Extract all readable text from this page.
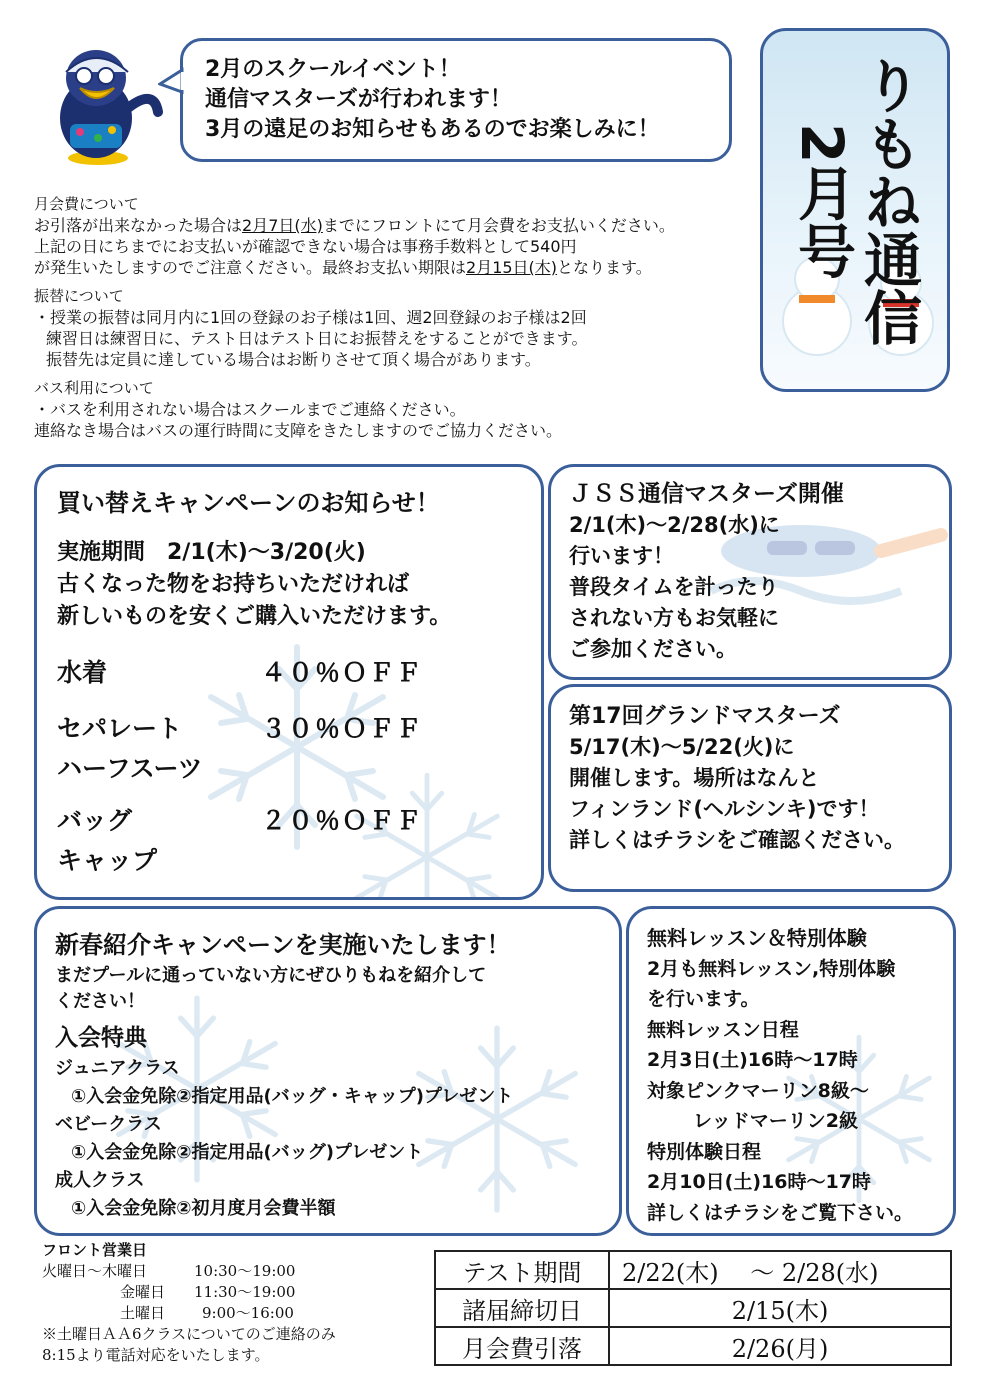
2月のスクールイベント！
通信マスターズが行われます！
3月の遠足のお知らせもあるのでお楽しみに！	りもね通信
2月号
月会費について
お引落が出来なかった場合は2月7日(水)までにフロントにて月会費をお支払いください。
上記の日にちまでにお支払いが確認できない場合は事務手数料として540円
が発生いたしますのでご注意ください。最終お支払い期限は2月15日(木)となります。
振替について
・授業の振替は同月内に1回の登録のお子様は1回、週2回登録のお子様は2回
練習日は練習日に、テスト日はテスト日にお振替えをすることができます。
振替先は定員に達している場合はお断りさせて頂く場合があります。
バス利用について
・バスを利用されない場合はスクールまでご連絡ください。
連絡なき場合はバスの運行時間に支障をきたしますのでご協力ください。
買い替えキャンペーンのお知らせ！
実施期間　2/1(木)～3/20(火)
古くなった物をお持ちいただければ
新しいものを安くご購入いただけます。
水着	４０％ＯＦＦ
セパレート	３０％ＯＦＦ
ハーフスーツ
バッグ	２０％ＯＦＦ
キャップ
ＪＳＳ通信マスターズ開催
2/1(木)～2/28(水)に
行います！
普段タイムを計ったり
されない方もお気軽に
ご参加ください。
第17回グランドマスターズ
5/17(木)～5/22(火)に
開催します。場所はなんと
フィンランド(ヘルシンキ)です！
詳しくはチラシをご確認ください。
新春紹介キャンペーンを実施いたします！
まだプールに通っていない方にぜひりもねを紹介して
ください！
入会特典
ジュニアクラス
①入会金免除②指定用品(バッグ・キャップ)プレゼント
ベビークラス
①入会金免除②指定用品(バッグ)プレゼント
成人クラス
①入会金免除②初月度月会費半額
無料レッスン＆特別体験
2月も無料レッスン,特別体験
を行います。
無料レッスン日程
2月3日(土)16時～17時
対象ピンクマーリン8級～
レッドマーリン2級
特別体験日程
2月10日(土)16時～17時
詳しくはチラシをご覧下さい。
フロント営業日
火曜日～木曜日	10:30～19:00
金曜日 11:30～19:00
土曜日 9:00～16:00
※土曜日ＡＡ6クラスについてのご連絡のみ
8:15より電話対応をいたします。
テスト期間	2/22(木)　 ～ 2/28(水)
諸届締切日	2/15(木)
月会費引落	2/26(月)
